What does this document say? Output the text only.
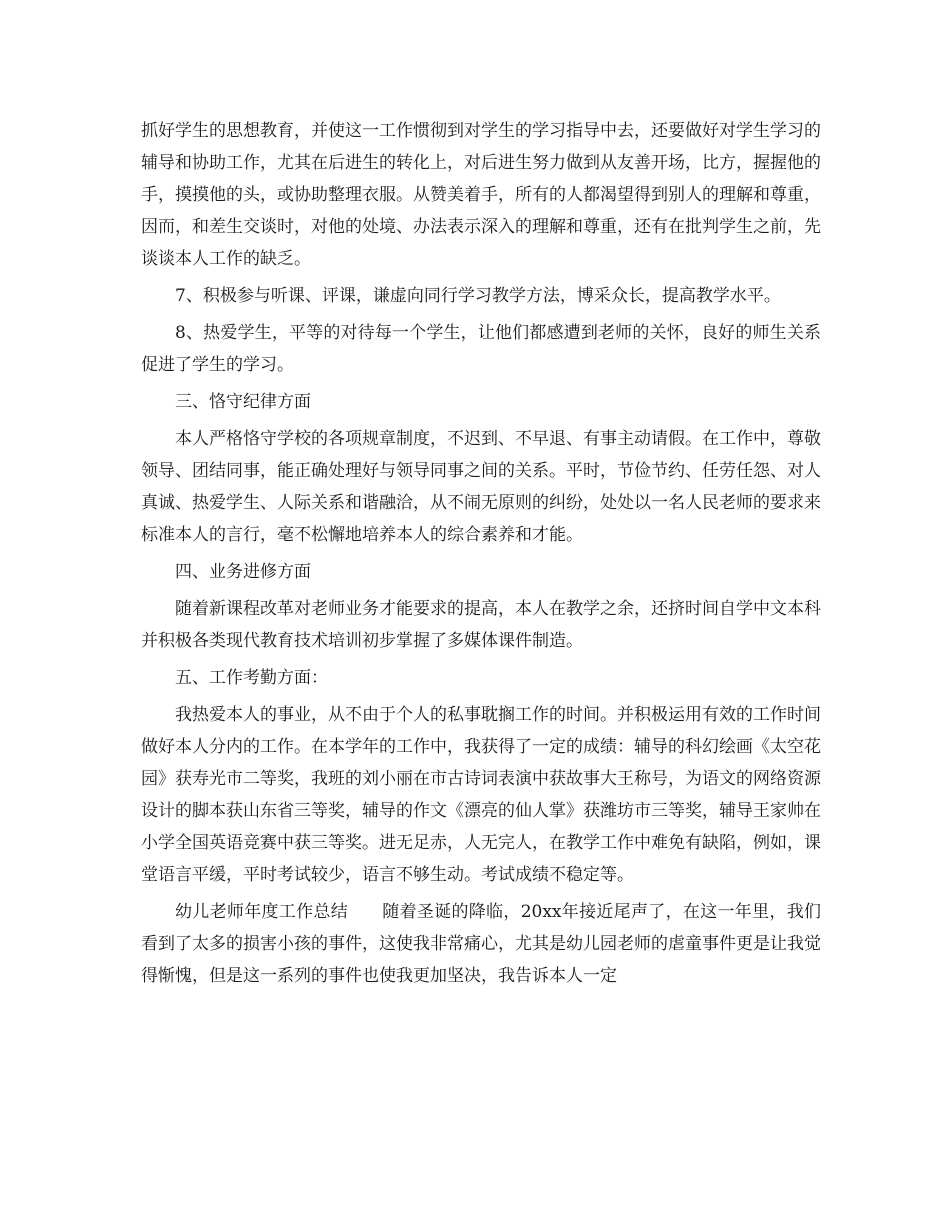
抓好学生的思想教育，并使这一工作惯彻到对学生的学习指导中去，还要做好对学生学习的辅导和协助工作，尤其在后进生的转化上，对后进生努力做到从友善开场，比方，握握他的手，摸摸他的头，或协助整理衣服。从赞美着手，所有的人都渴望得到别人的理解和尊重，因而，和差生交谈时，对他的处境、办法表示深入的理解和尊重，还有在批判学生之前，先谈谈本人工作的缺乏。

7、积极参与听课、评课，谦虚向同行学习教学方法，博采众长，提高教学水平。

8、热爱学生，平等的对待每一个学生，让他们都感遭到老师的关怀，良好的师生关系促进了学生的学习。

三、恪守纪律方面

本人严格恪守学校的各项规章制度，不迟到、不早退、有事主动请假。在工作中，尊敬领导、团结同事，能正确处理好与领导同事之间的关系。平时，节俭节约、任劳任怨、对人真诚、热爱学生、人际关系和谐融洽，从不闹无原则的纠纷，处处以一名人民老师的要求来标准本人的言行，毫不松懈地培养本人的综合素养和才能。

四、业务进修方面

随着新课程改革对老师业务才能要求的提高，本人在教学之余，还挤时间自学中文本科并积极各类现代教育技术培训初步掌握了多媒体课件制造。

五、工作考勤方面：

我热爱本人的事业，从不由于个人的私事耽搁工作的时间。并积极运用有效的工作时间做好本人分内的工作。在本学年的工作中，我获得了一定的成绩：辅导的科幻绘画《太空花园》获寿光市二等奖，我班的刘小丽在市古诗词表演中获故事大王称号，为语文的网络资源设计的脚本获山东省三等奖，辅导的作文《漂亮的仙人掌》获潍坊市三等奖，辅导王家帅在小学全国英语竞赛中获三等奖。进无足赤，人无完人，在教学工作中难免有缺陷，例如，课堂语言平缓，平时考试较少，语言不够生动。考试成绩不稳定等。

幼儿老师年度工作总结 随着圣诞的降临，20xx年接近尾声了，在这一年里，我们看到了太多的损害小孩的事件，这使我非常痛心，尤其是幼儿园老师的虐童事件更是让我觉得惭愧，但是这一系列的事件也使我更加坚决，我告诉本人一定
